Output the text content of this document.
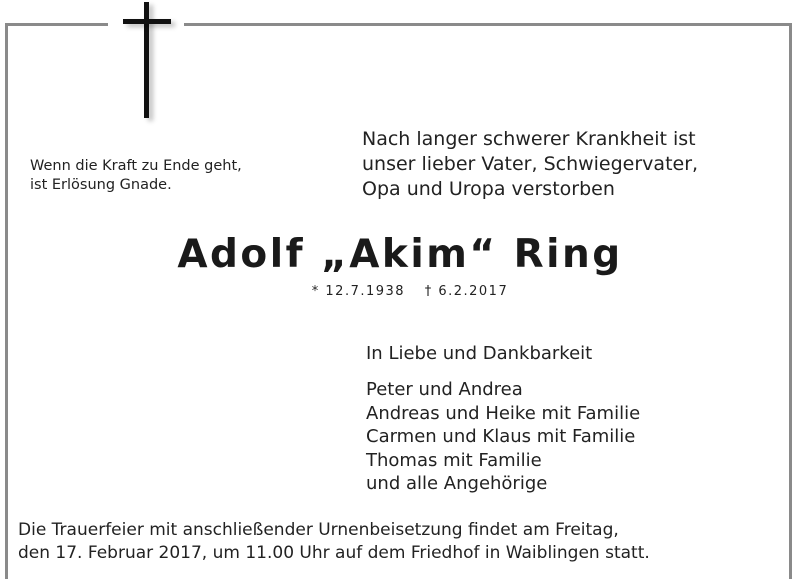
Wenn die Kraft zu Ende geht,
ist Erlösung Gnade.
Nach langer schwerer Krankheit ist
unser lieber Vater, Schwiegervater,
Opa und Uropa verstorben
Adolf „Akim“ Ring
* 12.7.1938 † 6.2.2017
In Liebe und Dankbarkeit
Peter und Andrea
Andreas und Heike mit Familie
Carmen und Klaus mit Familie
Thomas mit Familie
und alle Angehörige
Die Trauerfeier mit anschließender Urnenbeisetzung findet am Freitag,
den 17. Februar 2017, um 11.00 Uhr auf dem Friedhof in Waiblingen statt.
